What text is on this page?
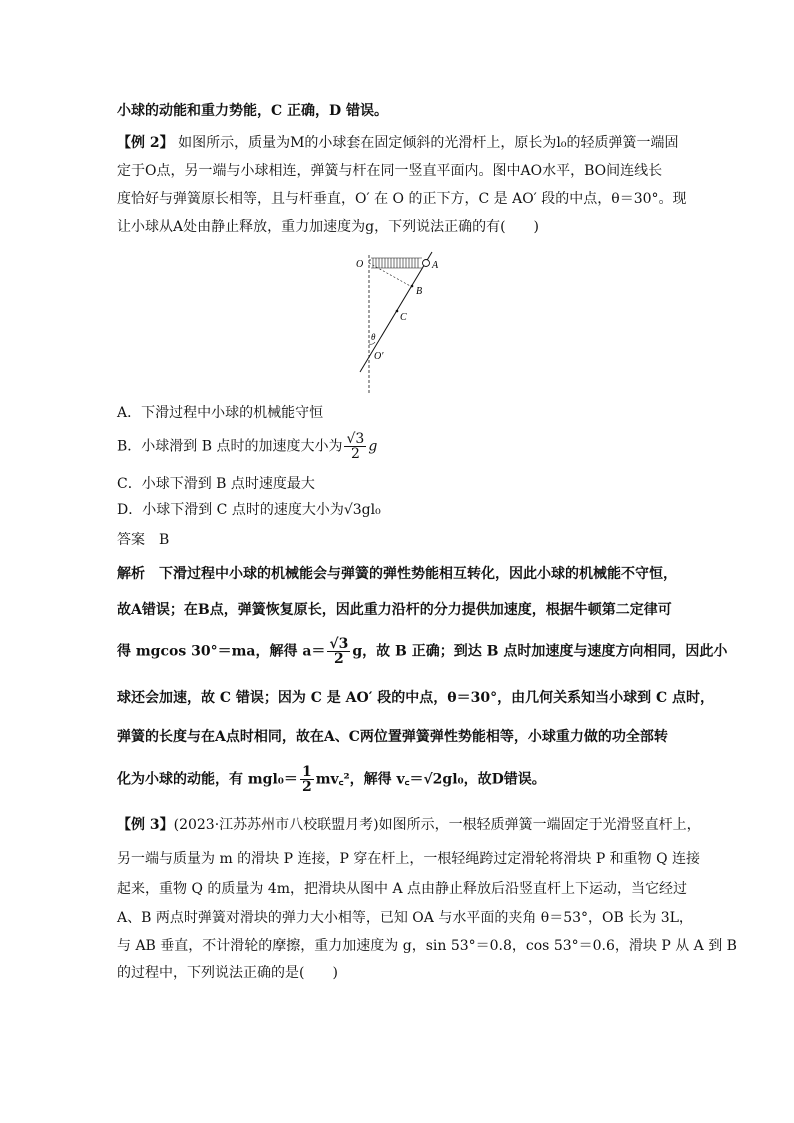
小球的动能和重力势能，C 正确，D 错误。
【例 2】 如图所示，质量为M的小球套在固定倾斜的光滑杆上，原长为l₀的轻质弹簧一端固
定于O点，另一端与小球相连，弹簧与杆在同一竖直平面内。图中AO水平，BO间连线长
度恰好与弹簧原长相等，且与杆垂直，O′ 在 O 的正下方，C 是 AO′ 段的中点，θ＝30°。现
让小球从A处由静止释放，重力加速度为g，下列说法正确的有(　　)
O	A
B
C
θ
O′
A．下滑过程中小球的机械能守恒
B．小球滑到 B 点时的加速度大小为 $\frac{√3}{2}$ g
C．小球下滑到 B 点时速度最大
D．小球下滑到 C 点时的速度大小为√3gl₀
答案　B
解析　下滑过程中小球的机械能会与弹簧的弹性势能相互转化，因此小球的机械能不守恒，
故A错误；在B点，弹簧恢复原长，因此重力沿杆的分力提供加速度，根据牛顿第二定律可
得 mgcos 30°＝ma，解得 $a= \frac{√3}{2}$ g，故 B 正确；到达 B 点时加速度与速度方向相同，因此小
球还会加速，故 C 错误；因为 C 是 AO′ 段的中点，θ＝30°，由几何关系知当小球到 C 点时，
弹簧的长度与在A点时相同，故在A、C两位置弹簧弹性势能相等，小球重力做的功全部转
化为小球的动能，有 $mgl_0= \frac{1}{2}$ mv꜀²，解得 v꜀＝√2gl₀，故D错误。
【例 3】(2023·江苏苏州市八校联盟月考)如图所示，一根轻质弹簧一端固定于光滑竖直杆上，
另一端与质量为 m 的滑块 P 连接，P 穿在杆上，一根轻绳跨过定滑轮将滑块 P 和重物 Q 连接
起来，重物 Q 的质量为 4m，把滑块从图中 A 点由静止释放后沿竖直杆上下运动，当它经过
A、B 两点时弹簧对滑块的弹力大小相等，已知 OA 与水平面的夹角 θ＝53°，OB 长为 3L，
与 AB 垂直，不计滑轮的摩擦，重力加速度为 g，sin 53°＝0.8，cos 53°＝0.6，滑块 P 从 A 到 B
的过程中，下列说法正确的是(　　)
